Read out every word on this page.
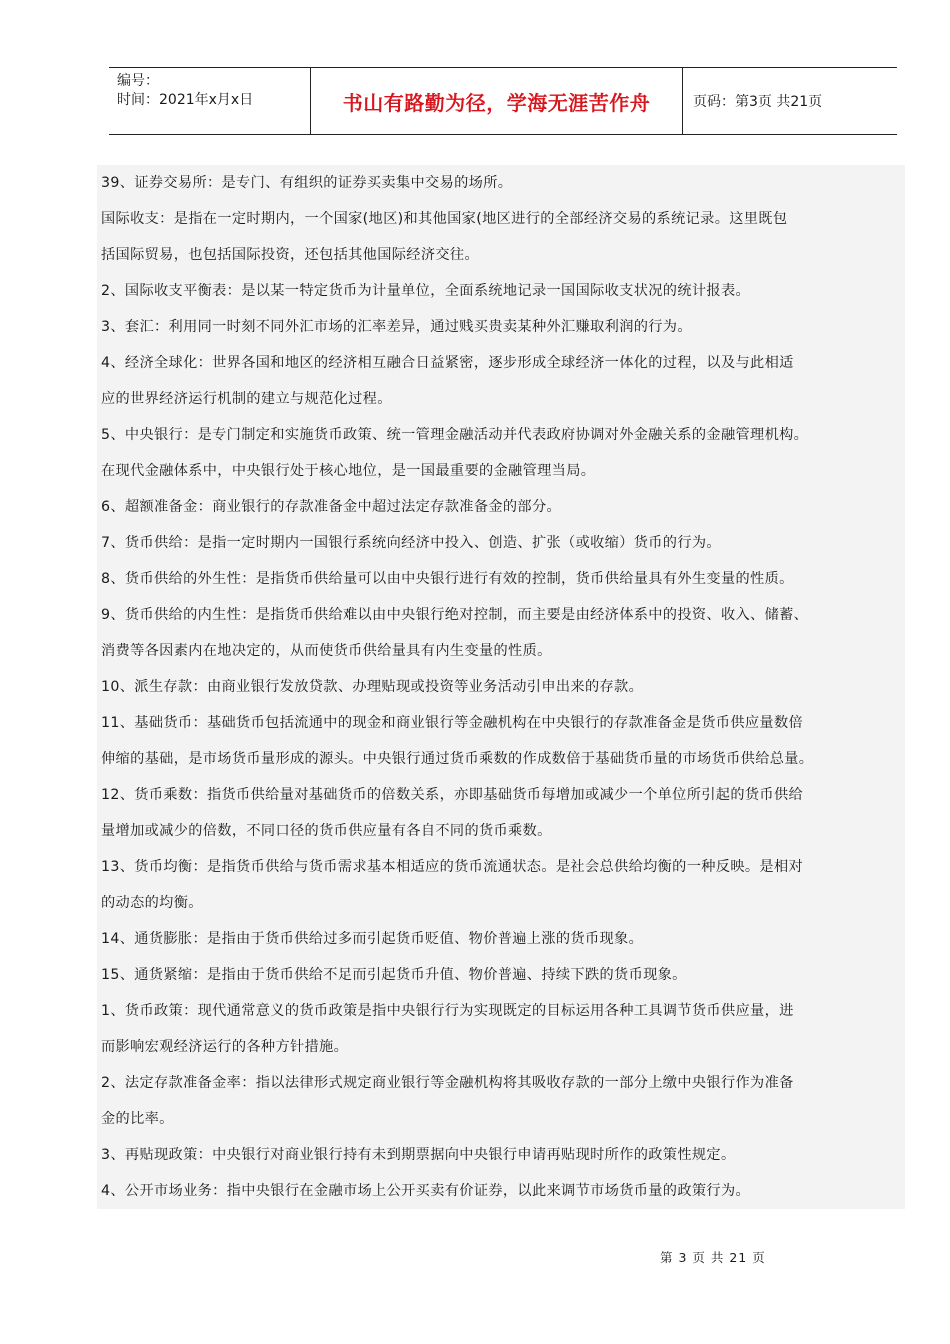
编号：
时间：2021年x月x日	书山有路勤为径，学海无涯苦作舟	页码：第3页 共21页
39、证券交易所：是专门、有组织的证券买卖集中交易的场所。
国际收支：是指在一定时期内，一个国家(地区)和其他国家(地区进行的全部经济交易的系统记录。这里既包
括国际贸易，也包括国际投资，还包括其他国际经济交往。
2、国际收支平衡表：是以某一特定货币为计量单位，全面系统地记录一国国际收支状况的统计报表。
3、套汇：利用同一时刻不同外汇市场的汇率差异，通过贱买贵卖某种外汇赚取利润的行为。
4、经济全球化：世界各国和地区的经济相互融合日益紧密，逐步形成全球经济一体化的过程，以及与此相适
应的世界经济运行机制的建立与规范化过程。
5、中央银行：是专门制定和实施货币政策、统一管理金融活动并代表政府协调对外金融关系的金融管理机构。
在现代金融体系中，中央银行处于核心地位，是一国最重要的金融管理当局。
6、超额准备金：商业银行的存款准备金中超过法定存款准备金的部分。
7、货币供给：是指一定时期内一国银行系统向经济中投入、创造、扩张（或收缩）货币的行为。
8、货币供给的外生性：是指货币供给量可以由中央银行进行有效的控制，货币供给量具有外生变量的性质。
9、货币供给的内生性：是指货币供给难以由中央银行绝对控制，而主要是由经济体系中的投资、收入、储蓄、
消费等各因素内在地决定的，从而使货币供给量具有内生变量的性质。
10、派生存款：由商业银行发放贷款、办理贴现或投资等业务活动引申出来的存款。
11、基础货币：基础货币包括流通中的现金和商业银行等金融机构在中央银行的存款准备金是货币供应量数倍
伸缩的基础，是市场货币量形成的源头。中央银行通过货币乘数的作成数倍于基础货币量的市场货币供给总量。
12、货币乘数：指货币供给量对基础货币的倍数关系，亦即基础货币每增加或减少一个单位所引起的货币供给
量增加或减少的倍数，不同口径的货币供应量有各自不同的货币乘数。
13、货币均衡：是指货币供给与货币需求基本相适应的货币流通状态。是社会总供给均衡的一种反映。是相对
的动态的均衡。
14、通货膨胀：是指由于货币供给过多而引起货币贬值、物价普遍上涨的货币现象。
15、通货紧缩：是指由于货币供给不足而引起货币升值、物价普遍、持续下跌的货币现象。
1、货币政策：现代通常意义的货币政策是指中央银行行为实现既定的目标运用各种工具调节货币供应量，进
而影响宏观经济运行的各种方针措施。
2、法定存款准备金率：指以法律形式规定商业银行等金融机构将其吸收存款的一部分上缴中央银行作为准备
金的比率。
3、再贴现政策：中央银行对商业银行持有未到期票据向中央银行申请再贴现时所作的政策性规定。
4、公开市场业务：指中央银行在金融市场上公开买卖有价证券，以此来调节市场货币量的政策行为。
第 3 页 共 21 页
